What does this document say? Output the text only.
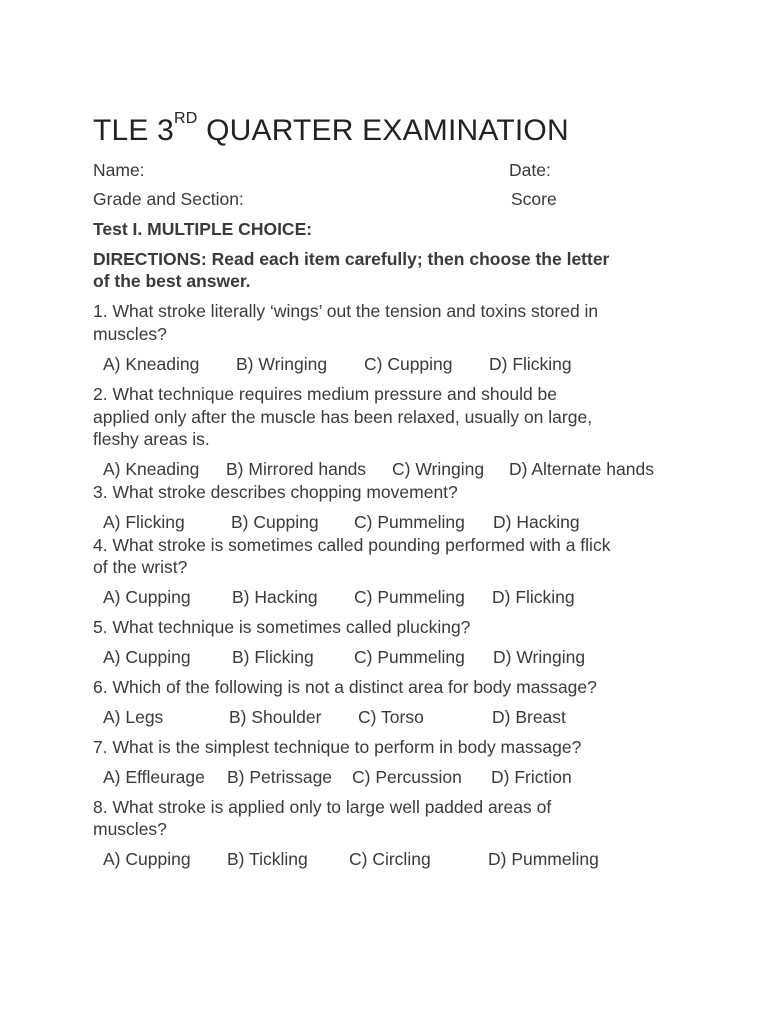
TLE 3RD QUARTER EXAMINATION
Name:	Date:
Grade and Section:	Score
Test I. MULTIPLE CHOICE:
DIRECTIONS: Read each item carefully; then choose the letter
of the best answer.
1. What stroke literally ‘wings’ out the tension and toxins stored in
muscles?
A) Kneading B) Wringing C) Cupping D) Flicking
2. What technique requires medium pressure and should be
applied only after the muscle has been relaxed, usually on large,
fleshy areas is.
A) Kneading B) Mirrored hands C) Wringing D) Alternate hands
3. What stroke describes chopping movement?
A) Flicking	B) Cupping C) Pummeling D) Hacking
4. What stroke is sometimes called pounding performed with a flick
of the wrist?
A) Cupping B) Hacking C) Pummeling D) Flicking
5. What technique is sometimes called plucking?
A) Cupping B) Flicking C) Pummeling D) Wringing
6. Which of the following is not a distinct area for body massage?
A) Legs	B) Shoulder C) Torso	D) Breast
7. What is the simplest technique to perform in body massage?
A) Effleurage B) Petrissage C) Percussion D) Friction
8. What stroke is applied only to large well padded areas of
muscles?
A) Cupping B) Tickling C) Circling	D) Pummeling
